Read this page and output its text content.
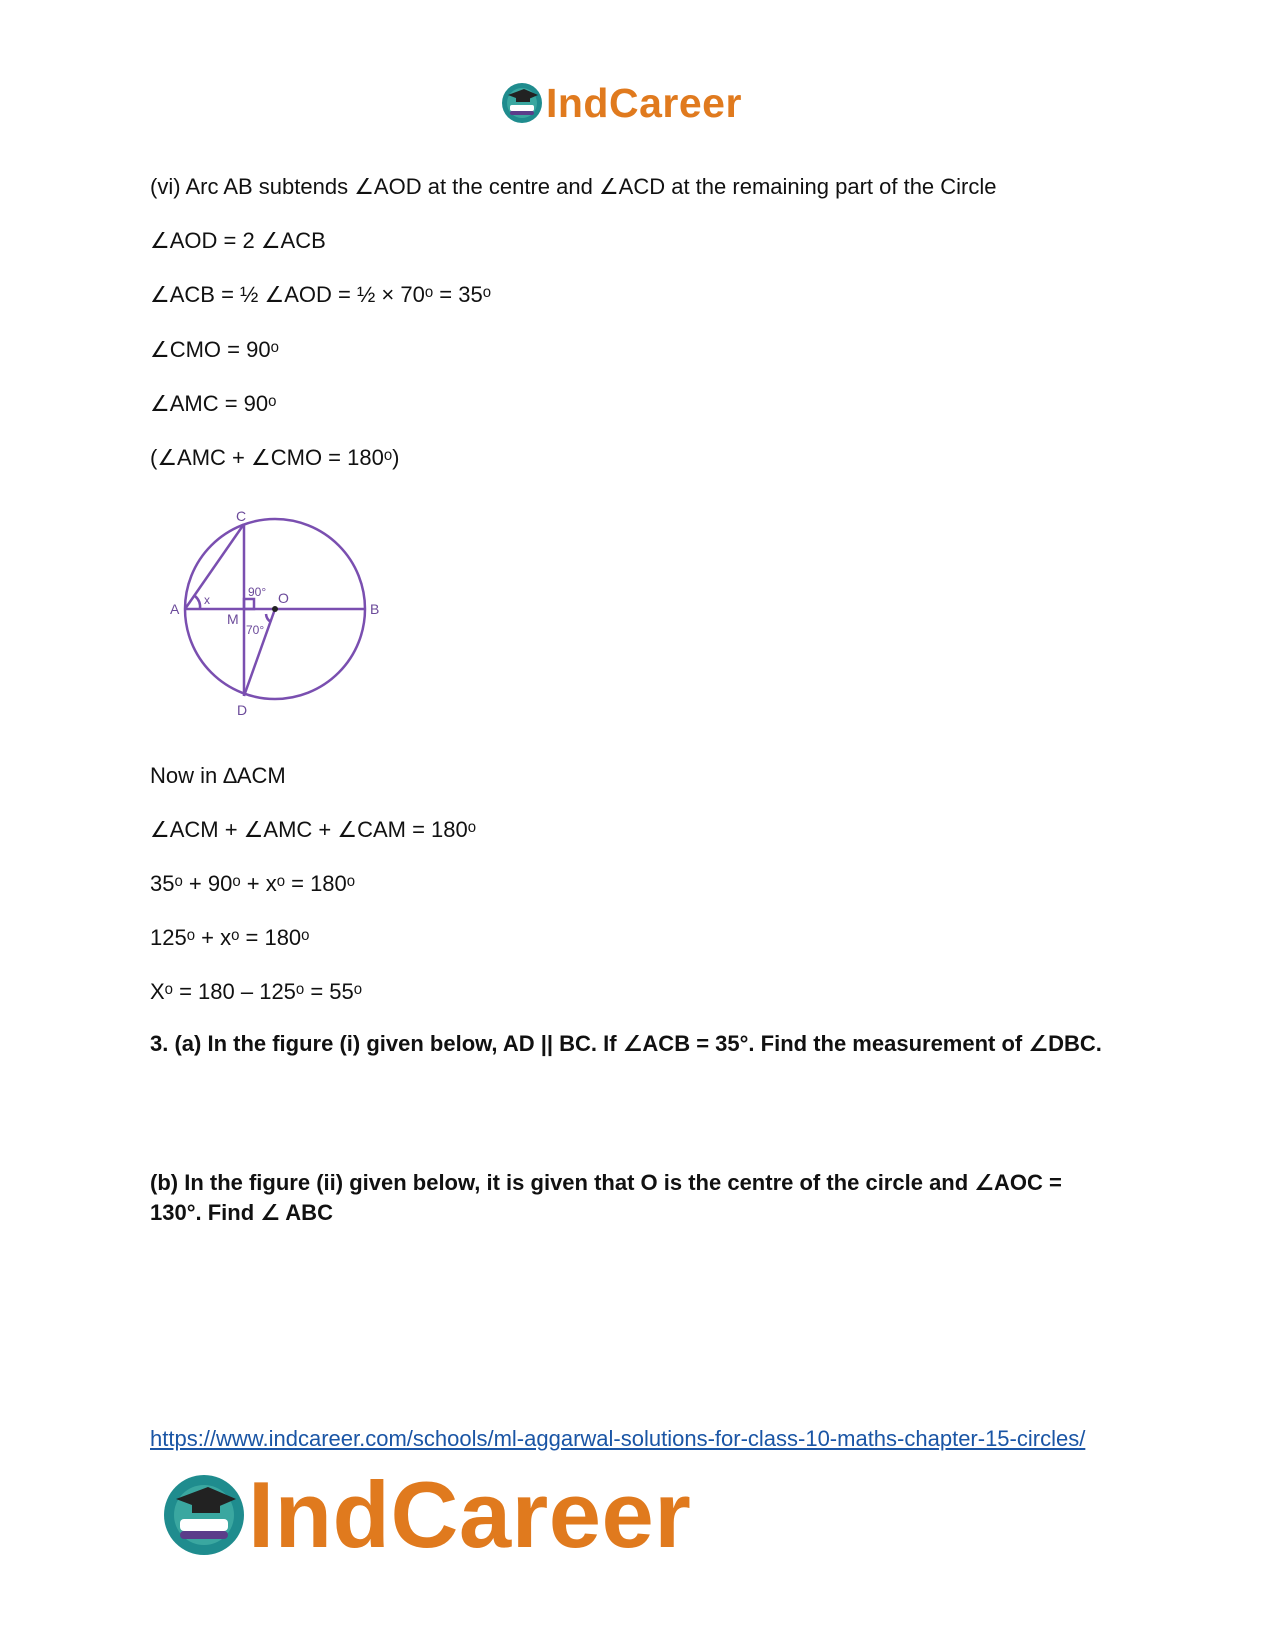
IndCareer
(vi) Arc AB subtends ∠AOD at the centre and ∠ACD at the remaining part of the Circle
∠AOD = 2 ∠ACB
∠ACB = ½ ∠AOD = ½ × 70ᵒ = 35ᵒ
∠CMO = 90ᵒ
∠AMC = 90ᵒ
(∠AMC + ∠CMO = 180ᵒ)
C
A	B
D
M
O
x
90°
70°
Now in ∆ACM
∠ACM + ∠AMC + ∠CAM = 180ᵒ
35ᵒ + 90ᵒ + xᵒ = 180ᵒ
125ᵒ + xᵒ = 180ᵒ
Xᵒ = 180 – 125ᵒ = 55ᵒ
3. (a) In the figure (i) given below, AD || BC. If ∠ACB = 35°. Find the measurement of ∠DBC.
(b) In the figure (ii) given below, it is given that O is the centre of the circle and ∠AOC = 130°. Find ∠ ABC
https://www.indcareer.com/schools/ml-aggarwal-solutions-for-class-10-maths-chapter-15-circles/
IndCareer
